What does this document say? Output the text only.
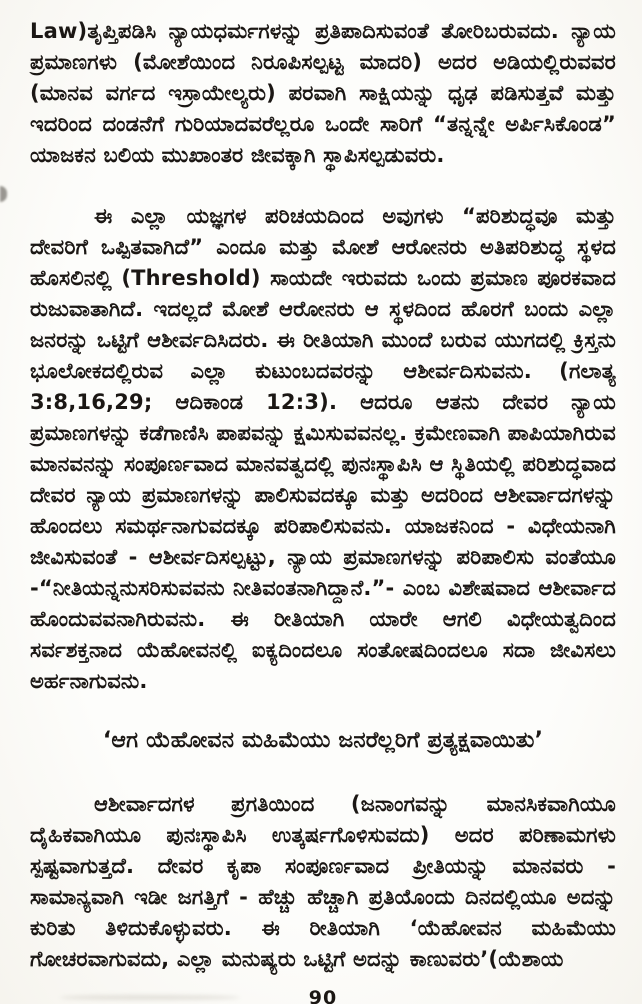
Law)ತೃಪ್ತಿಪಡಿಸಿ ನ್ಯಾಯಧರ್ಮಗಳನ್ನು ಪ್ರತಿಪಾದಿಸುವಂತೆ ತೋರಿಬರುವದು. ನ್ಯಾಯ ಪ್ರಮಾಣಗಳು (ಮೋಶೆಯಿಂದ ನಿರೂಪಿಸಲ್ಪಟ್ಟ ಮಾದರಿ) ಅದರ ಅಡಿಯಲ್ಲಿರುವವರ (ಮಾನವ ವರ್ಗದ ಇಸ್ರಾಯೇಲ್ಯರು) ಪರವಾಗಿ ಸಾಕ್ಷಿಯನ್ನು ಧೃಢ ಪಡಿಸುತ್ತವೆ ಮತ್ತು ಇದರಿಂದ ದಂಡನೆಗೆ ಗುರಿಯಾದವರೆಲ್ಲರೂ ಒಂದೇ ಸಾರಿಗೆ “ತನ್ನನ್ನೇ ಅರ್ಪಿಸಿಕೊಂಡ” ಯಾಜಕನ ಬಲಿಯ ಮುಖಾಂತರ ಜೀವಕ್ಕಾಗಿ ಸ್ಥಾಪಿಸಲ್ಪಡುವರು.

ಈ ಎಲ್ಲಾ ಯಜ್ಞಗಳ ಪರಿಚಯದಿಂದ ಅವುಗಳು “ಪರಿಶುದ್ಧವೂ ಮತ್ತು ದೇವರಿಗೆ ಒಪ್ಪಿತವಾಗಿದೆ” ಎಂದೂ ಮತ್ತು ಮೋಶೆ ಆರೋನರು ಅತಿಪರಿಶುದ್ಧ ಸ್ಥಳದ ಹೊಸಲಿನಲ್ಲಿ (Threshold) ಸಾಯದೇ ಇರುವದು ಒಂದು ಪ್ರಮಾಣ ಪೂರಕವಾದ ರುಜುವಾತಾಗಿದೆ. ಇದಲ್ಲದೆ ಮೋಶೆ ಆರೋನರು ಆ ಸ್ಥಳದಿಂದ ಹೊರಗೆ ಬಂದು ಎಲ್ಲಾ ಜನರನ್ನು ಒಟ್ಟಿಗೆ ಆಶೀರ್ವದಿಸಿದರು. ಈ ರೀತಿಯಾಗಿ ಮುಂದೆ ಬರುವ ಯುಗದಲ್ಲಿ ಕ್ರಿಸ್ತನು ಭೂಲೋಕದಲ್ಲಿರುವ ಎಲ್ಲಾ ಕುಟುಂಬದವರನ್ನು ಆಶೀರ್ವದಿಸುವನು. (ಗಲಾತ್ಯ 3:8,16,29; ಆದಿಕಾಂಡ 12:3). ಆದರೂ ಆತನು ದೇವರ ನ್ಯಾಯ ಪ್ರಮಾಣಗಳನ್ನು ಕಡೆಗಾಣಿಸಿ ಪಾಪವನ್ನು ಕ್ಷಮಿಸುವವನಲ್ಲ. ಕ್ರಮೇಣವಾಗಿ ಪಾಪಿಯಾಗಿರುವ ಮಾನವನನ್ನು ಸಂಪೂರ್ಣವಾದ ಮಾನವತ್ವದಲ್ಲಿ ಪುನಃಸ್ಥಾಪಿಸಿ ಆ ಸ್ಥಿತಿಯಲ್ಲಿ ಪರಿಶುದ್ಧವಾದ ದೇವರ ನ್ಯಾಯ ಪ್ರಮಾಣಗಳನ್ನು ಪಾಲಿಸುವದಕ್ಕೂ ಮತ್ತು ಅದರಿಂದ ಆಶೀರ್ವಾದಗಳನ್ನು ಹೊಂದಲು ಸಮರ್ಥನಾಗುವದಕ್ಕೂ ಪರಿಪಾಲಿಸುವನು. ಯಾಜಕನಿಂದ - ವಿಧೇಯನಾಗಿ ಜೀವಿಸುವಂತೆ - ಆಶೀರ್ವದಿಸಲ್ಪಟ್ಟು, ನ್ಯಾಯ ಪ್ರಮಾಣಗಳನ್ನು ಪರಿಪಾಲಿಸು ವಂತೆಯೂ -“ನೀತಿಯನ್ನನುಸರಿಸುವವನು ನೀತಿವಂತನಾಗಿದ್ದಾನೆ.”- ಎಂಬ ವಿಶೇಷವಾದ ಆಶೀರ್ವಾದ ಹೊಂದುವವನಾಗಿರುವನು. ಈ ರೀತಿಯಾಗಿ ಯಾರೇ ಆಗಲಿ ವಿಧೇಯತ್ವದಿಂದ ಸರ್ವಶಕ್ತನಾದ ಯೆಹೋವನಲ್ಲಿ ಐಕ್ಯದಿಂದಲೂ ಸಂತೋಷದಿಂದಲೂ ಸದಾ ಜೀವಿಸಲು ಅರ್ಹನಾಗುವನು.

‘ಆಗ ಯೆಹೋವನ ಮಹಿಮೆಯು ಜನರೆಲ್ಲರಿಗೆ ಪ್ರತ್ಯಕ್ಷವಾಯಿತು’

ಆಶೀರ್ವಾದಗಳ ಪ್ರಗತಿಯಿಂದ (ಜನಾಂಗವನ್ನು ಮಾನಸಿಕವಾಗಿಯೂ ದೈಹಿಕವಾಗಿಯೂ ಪುನಃಸ್ಥಾಪಿಸಿ ಉತ್ಕರ್ಷಗೊಳಿಸುವದು) ಅದರ ಪರಿಣಾಮಗಳು ಸ್ಪಷ್ಟವಾಗುತ್ತದೆ. ದೇವರ ಕೃಪಾ ಸಂಪೂರ್ಣವಾದ ಪ್ರೀತಿಯನ್ನು ಮಾನವರು - ಸಾಮಾನ್ಯವಾಗಿ ಇಡೀ ಜಗತ್ತಿಗೆ - ಹೆಚ್ಚು ಹೆಚ್ಚಾಗಿ ಪ್ರತಿಯೊಂದು ದಿನದಲ್ಲಿಯೂ ಅದನ್ನು ಕುರಿತು ತಿಳಿದುಕೊಳ್ಳುವರು. ಈ ರೀತಿಯಾಗಿ ‘ಯೆಹೋವನ ಮಹಿಮೆಯು ಗೋಚರವಾಗುವದು, ಎಲ್ಲಾ ಮನುಷ್ಯರು ಒಟ್ಟಿಗೆ ಅದನ್ನು ಕಾಣುವರು’(ಯೆಶಾಯ

90
